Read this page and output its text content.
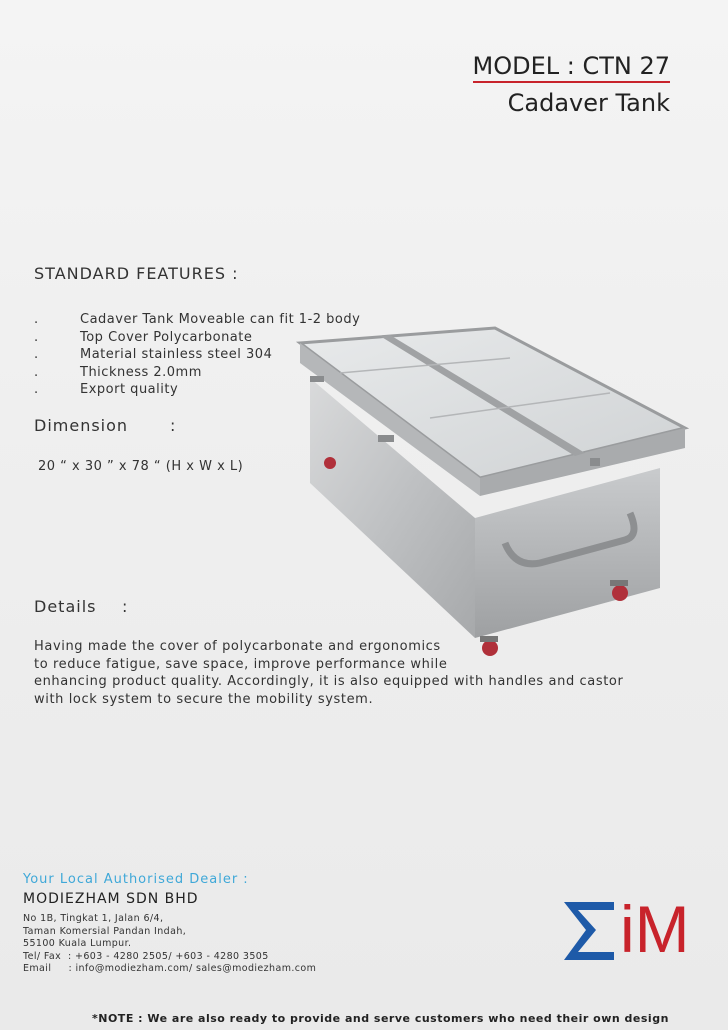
MODEL : CTN 27
Cadaver Tank
STANDARD FEATURES :
.	Cadaver Tank Moveable can fit 1-2 body
.	Top Cover Polycarbonate
.	Material stainless steel 304
.	Thickness 2.0mm
.	Export quality
Dimension	:
20 “ x 30 ” x 78 “ (H x W x L)
Details :
Having made the cover of polycarbonate and ergonomics
to reduce fatigue, save space, improve performance while
enhancing product quality. Accordingly, it is also equipped with handles and castor
with lock system to secure the mobility system.
Your Local Authorised Dealer :
MODIEZHAM SDN BHD
No 1B, Tingkat 1, Jalan 6/4,
Taman Komersial Pandan Indah,
55100 Kuala Lumpur.
Tel/ Fax  : +603 - 4280 2505/ +603 - 4280 3505
Email     : info@modiezham.com/ sales@modiezham.com
iM
*NOTE : We are also ready to provide and serve customers who need their own design
